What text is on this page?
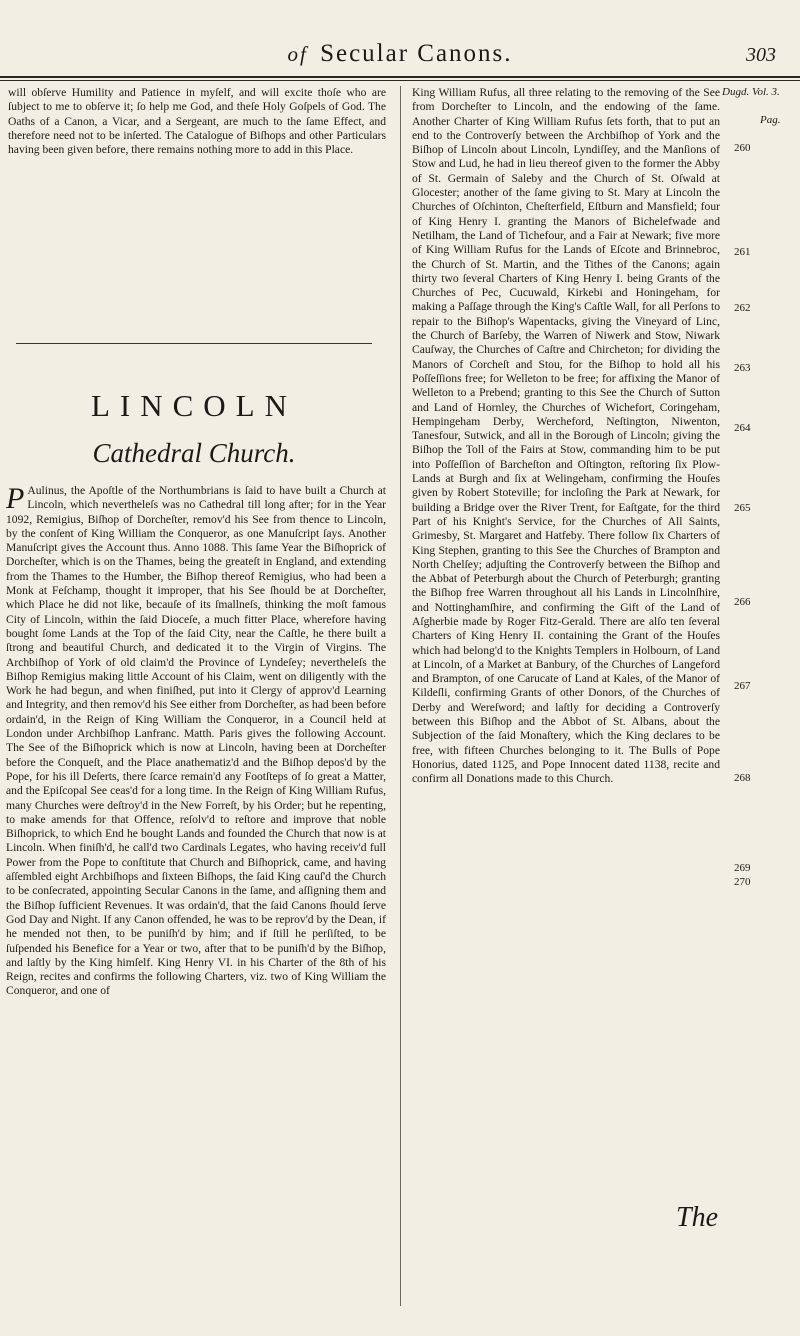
of Secular Canons.	303

will obſerve Humility and Patience in myſelf, and will excite thoſe who are ſubject to me to obſerve it; ſo help me God, and theſe Holy Goſpels of God. The Oaths of a Canon, a Vicar, and a Sergeant, are much to the ſame Effect, and therefore need not to be inſerted. The Catalogue of Biſhops and other Particulars having been given before, there remains nothing more to add in this Place.

LINCOLN
Cathedral Church.

P Aulinus, the Apoſtle of the Northumbrians is ſaid to have built a Church at Lincoln, which nevertheleſs was no Cathedral till long after; for in the Year 1092, Remigius, Biſhop of Dorcheſter, remov'd his See from thence to Lincoln, by the conſent of King William the Conqueror, as one Manuſcript ſays. Another Manuſcript gives the Account thus. Anno 1088. This ſame Year the Biſhoprick of Dorcheſter, which is on the Thames, being the greateſt in England, and extending from the Thames to the Humber, the Biſhop thereof Remigius, who had been a Monk at Feſchamp, thought it improper, that his See ſhould be at Dorcheſter, which Place he did not like, becauſe of its ſmallneſs, thinking the moſt famous City of Lincoln, within the ſaid Dioceſe, a much fitter Place, wherefore having bought ſome Lands at the Top of the ſaid City, near the Caſtle, he there built a ſtrong and beautiful Church, and dedicated it to the Virgin of Virgins. The Archbiſhop of York of old claim'd the Province of Lyndeſey; nevertheleſs the Biſhop Remigius making little Account of his Claim, went on diligently with the Work he had begun, and when finiſhed, put into it Clergy of approv'd Learning and Integrity, and then remov'd his See either from Dorcheſter, as had been before ordain'd, in the Reign of King William the Conqueror, in a Council held at London under Archbiſhop Lanfranc. Matth. Paris gives the following Account. The See of the Biſhoprick which is now at Lincoln, having been at Dorcheſter before the Conqueſt, and the Place anathematiz'd and the Biſhop depos'd by the Pope, for his ill Deſerts, there ſcarce remain'd any Footſteps of ſo great a Matter, and the Epiſcopal See ceas'd for a long time. In the Reign of King William Rufus, many Churches were deſtroy'd in the New Forreſt, by his Order; but he repenting, to make amends for that Offence, reſolv'd to reſtore and improve that noble Biſhoprick, to which End he bought Lands and founded the Church that now is at Lincoln. When finiſh'd, he call'd two Cardinals Legates, who having receiv'd full Power from the Pope to conſtitute that Church and Biſhoprick, came, and having aſſembled eight Archbiſhops and ſixteen Biſhops, the ſaid King cauſ'd the Church to be conſecrated, appointing Secular Canons in the ſame, and aſſigning them and the Biſhop ſufficient Revenues. It was ordain'd, that the ſaid Canons ſhould ſerve God Day and Night. If any Canon offended, he was to be reprov'd by the Dean, if he mended not then, to be puniſh'd by him; and if ſtill he perſiſted, to be ſuſpended his Benefice for a Year or two, after that to be puniſh'd by the Biſhop, and laſtly by the King himſelf. King Henry VI. in his Charter of the 8th of his Reign, recites and confirms the following Charters, viz. two of King William the Conqueror, and one of

King William Rufus, all three relating to the removing of the See from Dorcheſter to Lincoln, and the endowing of the ſame. Another Charter of King William Rufus ſets forth, that to put an end to the Controverſy between the Archbiſhop of York and the Biſhop of Lincoln about Lincoln, Lyndiſſey, and the Manſions of Stow and Lud, he had in lieu thereof given to the former the Abby of St. Germain of Saleby and the Church of St. Oſwald at Glocester; another of the ſame giving to St. Mary at Lincoln the Churches of Oſchinton, Cheſterfield, Eſtburn and Mansfield; four of King Henry I. granting the Manors of Bichelefwade and Netilham, the Land of Tichefour, and a Fair at Newark; five more of King William Rufus for the Lands of Eſcote and Brinnebroc, the Church of St. Martin, and the Tithes of the Canons; again thirty two ſeveral Charters of King Henry I. being Grants of the Churches of Pec, Cucuwald, Kirkebi and Honingeham, for making a Paſſage through the King's Caſtle Wall, for all Perſons to repair to the Biſhop's Wapentacks, giving the Vineyard of Linc, the Church of Barſeby, the Warren of Niwerk and Stow, Niwark Cauſway, the Churches of Caſtre and Chircheton; for dividing the Manors of Corcheſt and Stou, for the Biſhop to hold all his Poſſeſſions free; for Welleton to be free; for affixing the Manor of Welleton to a Prebend; granting to this See the Church of Sutton and Land of Hornley, the Churches of Wichefort, Coringeham, Hempingeham Derby, Wercheford, Neſtington, Niwenton, Tanesfour, Sutwick, and all in the Borough of Lincoln; giving the Biſhop the Toll of the Fairs at Stow, commanding him to be put into Poſſeſſion of Barcheſton and Oſtington, reſtoring ſix Plow-Lands at Burgh and ſix at Welingeham, confirming the Houſes given by Robert Stoteville; for incloſing the Park at Newark, for building a Bridge over the River Trent, for Eaſtgate, for the third Part of his Knight's Service, for the Churches of All Saints, Grimesby, St. Margaret and Hatfeby. There follow ſix Charters of King Stephen, granting to this See the Churches of Brampton and North Chelſey; adjuſting the Controverſy between the Biſhop and the Abbat of Peterburgh about the Church of Peterburgh; granting the Biſhop free Warren throughout all his Lands in Lincolnſhire, and Nottinghamſhire, and confirming the Gift of the Land of Aſgherbie made by Roger Fitz-Gerald. There are alſo ten ſeveral Charters of King Henry II. containing the Grant of the Houſes which had belong'd to the Knights Templers in Holbourn, of Land at Lincoln, of a Market at Banbury, of the Churches of Langeford and Brampton, of one Carucate of Land at Kales, of the Manor of Kildeſli, confirming Grants of other Donors, of the Churches of Derby and Wereſword; and laſtly for deciding a Controverſy between this Biſhop and the Abbot of St. Albans, about the Subjection of the ſaid Monaſtery, which the King declares to be free, with fifteen Churches belonging to it. The Bulls of Pope Honorius, dated 1125, and Pope Innocent dated 1138, recite and confirm all Donations made to this Church.

Dugd. Vol. 3.
Pag.
260
261
262
263
264
265
266
267
268
269
270
The
